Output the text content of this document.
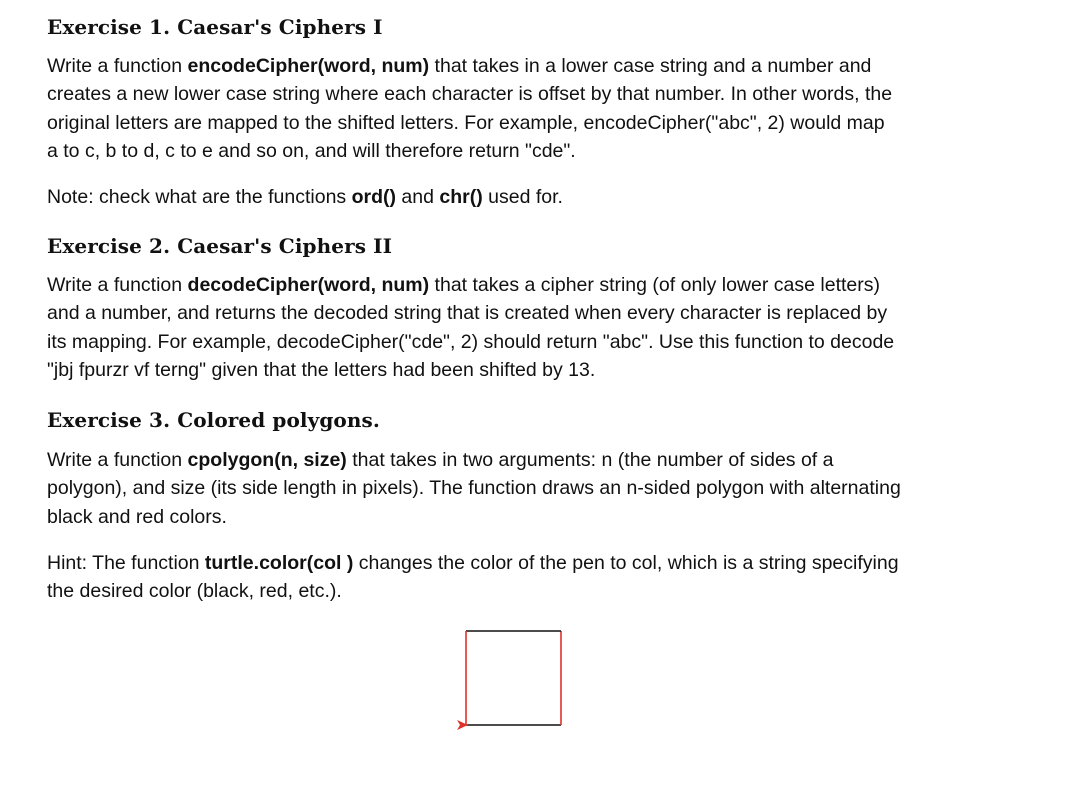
Exercise 1. Caesar's Ciphers I

Write a function encodeCipher(word, num) that takes in a lower case string and a number and
creates a new lower case string where each character is offset by that number. In other words, the
original letters are mapped to the shifted letters. For example, encodeCipher("abc", 2) would map
a to c, b to d, c to e and so on, and will therefore return "cde".

Note: check what are the functions ord() and chr() used for.

Exercise 2. Caesar's Ciphers II

Write a function decodeCipher(word, num) that takes a cipher string (of only lower case letters)
and a number, and returns the decoded string that is created when every character is replaced by
its mapping. For example, decodeCipher("cde", 2) should return "abc". Use this function to decode
"jbj fpurzr vf terng" given that the letters had been shifted by 13.

Exercise 3. Colored polygons.

Write a function cpolygon(n, size) that takes in two arguments: n (the number of sides of a
polygon), and size (its side length in pixels). The function draws an n-sided polygon with alternating
black and red colors.

Hint: The function turtle.color(col ) changes the color of the pen to col, which is a string specifying
the desired color (black, red, etc.).
